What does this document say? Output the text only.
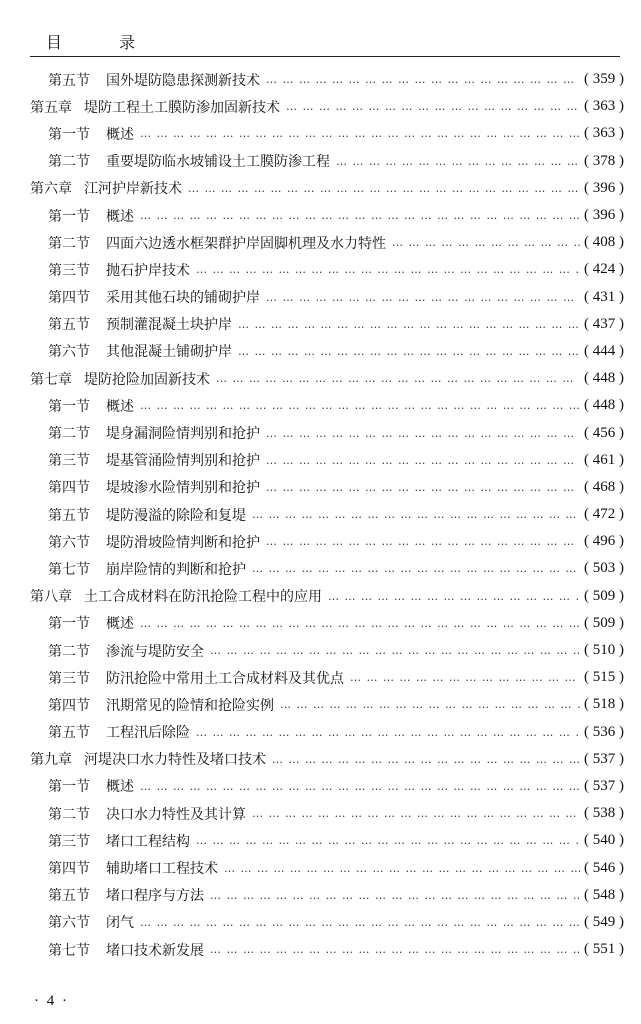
目 录
第五节 国外堤防隐患探测新技术 … … … … … … … … … … … … … … … … … … … … … … … … … … … … … … … … … … … … … … … … … … … … … … …	( 359 )
第五章 堤防工程土工膜防渗加固新技术 … … … … … … … … … … … … … … … … … … … … … … … … … … … … … … … … … … … … … … … … … … … … … … …	( 363 )
第一节 概述 … … … … … … … … … … … … … … … … … … … … … … … … … … … … … … … … … … … … … … … … … … … … … … …	( 363 )
第二节 重要堤防临水坡铺设土工膜防渗工程 … … … … … … … … … … … … … … … … … … … … … … … … … … … … … … … … … … … … … … … … … … … … … … …	( 378 )
第六章 江河护岸新技术 … … … … … … … … … … … … … … … … … … … … … … … … … … … … … … … … … … … … … … … … … … … … … … …	( 396 )
第一节 概述 … … … … … … … … … … … … … … … … … … … … … … … … … … … … … … … … … … … … … … … … … … … … … … …	( 396 )
第二节 四面六边透水框架群护岸固脚机理及水力特性 … … … … … … … … … … … … … … … … … … … … … … … … … … … … … … … … … … … … … … … … … … … … … … …	( 408 )
第三节 抛石护岸技术 … … … … … … … … … … … … … … … … … … … … … … … … … … … … … … … … … … … … … … … … … … … … … … …	( 424 )
第四节 采用其他石块的铺砌护岸 … … … … … … … … … … … … … … … … … … … … … … … … … … … … … … … … … … … … … … … … … … … … … … …	( 431 )
第五节 预制灌混凝土块护岸 … … … … … … … … … … … … … … … … … … … … … … … … … … … … … … … … … … … … … … … … … … … … … … …	( 437 )
第六节 其他混凝土铺砌护岸 … … … … … … … … … … … … … … … … … … … … … … … … … … … … … … … … … … … … … … … … … … … … … … …	( 444 )
第七章 堤防抢险加固新技术 … … … … … … … … … … … … … … … … … … … … … … … … … … … … … … … … … … … … … … … … … … … … … … …	( 448 )
第一节 概述 … … … … … … … … … … … … … … … … … … … … … … … … … … … … … … … … … … … … … … … … … … … … … … …	( 448 )
第二节 堤身漏洞险情判别和抢护 … … … … … … … … … … … … … … … … … … … … … … … … … … … … … … … … … … … … … … … … … … … … … … …	( 456 )
第三节 堤基管涌险情判别和抢护 … … … … … … … … … … … … … … … … … … … … … … … … … … … … … … … … … … … … … … … … … … … … … … …	( 461 )
第四节 堤坡渗水险情判别和抢护 … … … … … … … … … … … … … … … … … … … … … … … … … … … … … … … … … … … … … … … … … … … … … … …	( 468 )
第五节 堤防漫溢的除险和复堤 … … … … … … … … … … … … … … … … … … … … … … … … … … … … … … … … … … … … … … … … … … … … … … …	( 472 )
第六节 堤防滑坡险情判断和抢护 … … … … … … … … … … … … … … … … … … … … … … … … … … … … … … … … … … … … … … … … … … … … … … …	( 496 )
第七节 崩岸险情的判断和抢护 … … … … … … … … … … … … … … … … … … … … … … … … … … … … … … … … … … … … … … … … … … … … … … …	( 503 )
第八章 土工合成材料在防汛抢险工程中的应用 … … … … … … … … … … … … … … … … … … … … … … … … … … … … … … … … … … … … … … … … … … … … … … …	( 509 )
第一节 概述 … … … … … … … … … … … … … … … … … … … … … … … … … … … … … … … … … … … … … … … … … … … … … … …	( 509 )
第二节 渗流与堤防安全 … … … … … … … … … … … … … … … … … … … … … … … … … … … … … … … … … … … … … … … … … … … … … … …	( 510 )
第三节 防汛抢险中常用土工合成材料及其优点 … … … … … … … … … … … … … … … … … … … … … … … … … … … … … … … … … … … … … … … … … … … … … … …	( 515 )
第四节 汛期常见的险情和抢险实例 … … … … … … … … … … … … … … … … … … … … … … … … … … … … … … … … … … … … … … … … … … … … … … …	( 518 )
第五节 工程汛后除险 … … … … … … … … … … … … … … … … … … … … … … … … … … … … … … … … … … … … … … … … … … … … … … …	( 536 )
第九章 河堤决口水力特性及堵口技术 … … … … … … … … … … … … … … … … … … … … … … … … … … … … … … … … … … … … … … … … … … … … … … …	( 537 )
第一节 概述 … … … … … … … … … … … … … … … … … … … … … … … … … … … … … … … … … … … … … … … … … … … … … … …	( 537 )
第二节 决口水力特性及其计算 … … … … … … … … … … … … … … … … … … … … … … … … … … … … … … … … … … … … … … … … … … … … … … …	( 538 )
第三节 堵口工程结构 … … … … … … … … … … … … … … … … … … … … … … … … … … … … … … … … … … … … … … … … … … … … … … …	( 540 )
第四节 辅助堵口工程技术 … … … … … … … … … … … … … … … … … … … … … … … … … … … … … … … … … … … … … … … … … … … … … … …	( 546 )
第五节 堵口程序与方法 … … … … … … … … … … … … … … … … … … … … … … … … … … … … … … … … … … … … … … … … … … … … … … …	( 548 )
第六节 闭气 … … … … … … … … … … … … … … … … … … … … … … … … … … … … … … … … … … … … … … … … … … … … … … …	( 549 )
第七节 堵口技术新发展 … … … … … … … … … … … … … … … … … … … … … … … … … … … … … … … … … … … … … … … … … … … … … … …	( 551 )
· 4 ·
